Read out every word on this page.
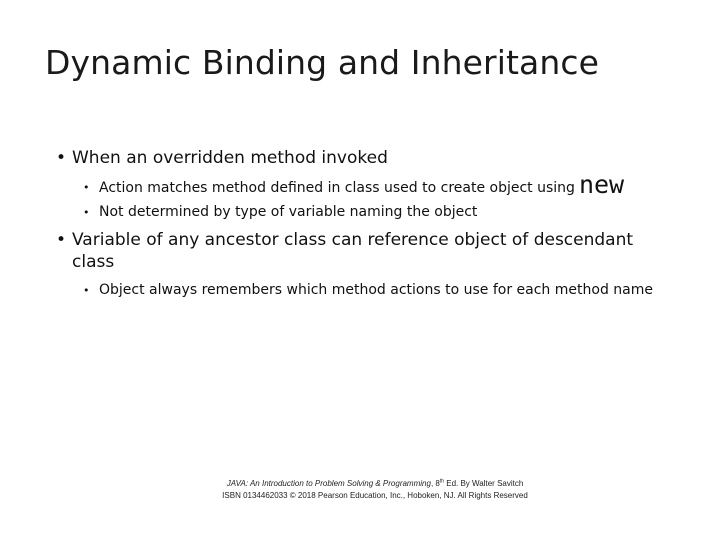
Dynamic Binding and Inheritance
• When an overridden method invoked
• Action matches method defined in class used to create object using new
• Not determined by type of variable naming the object
• Variable of any ancestor class can reference object of descendant class
• Object always remembers which method actions to use for each method name
JAVA: An Introduction to Problem Solving & Programming, 8th Ed. By Walter Savitch
ISBN 0134462033 © 2018 Pearson Education, Inc., Hoboken, NJ. All Rights Reserved
